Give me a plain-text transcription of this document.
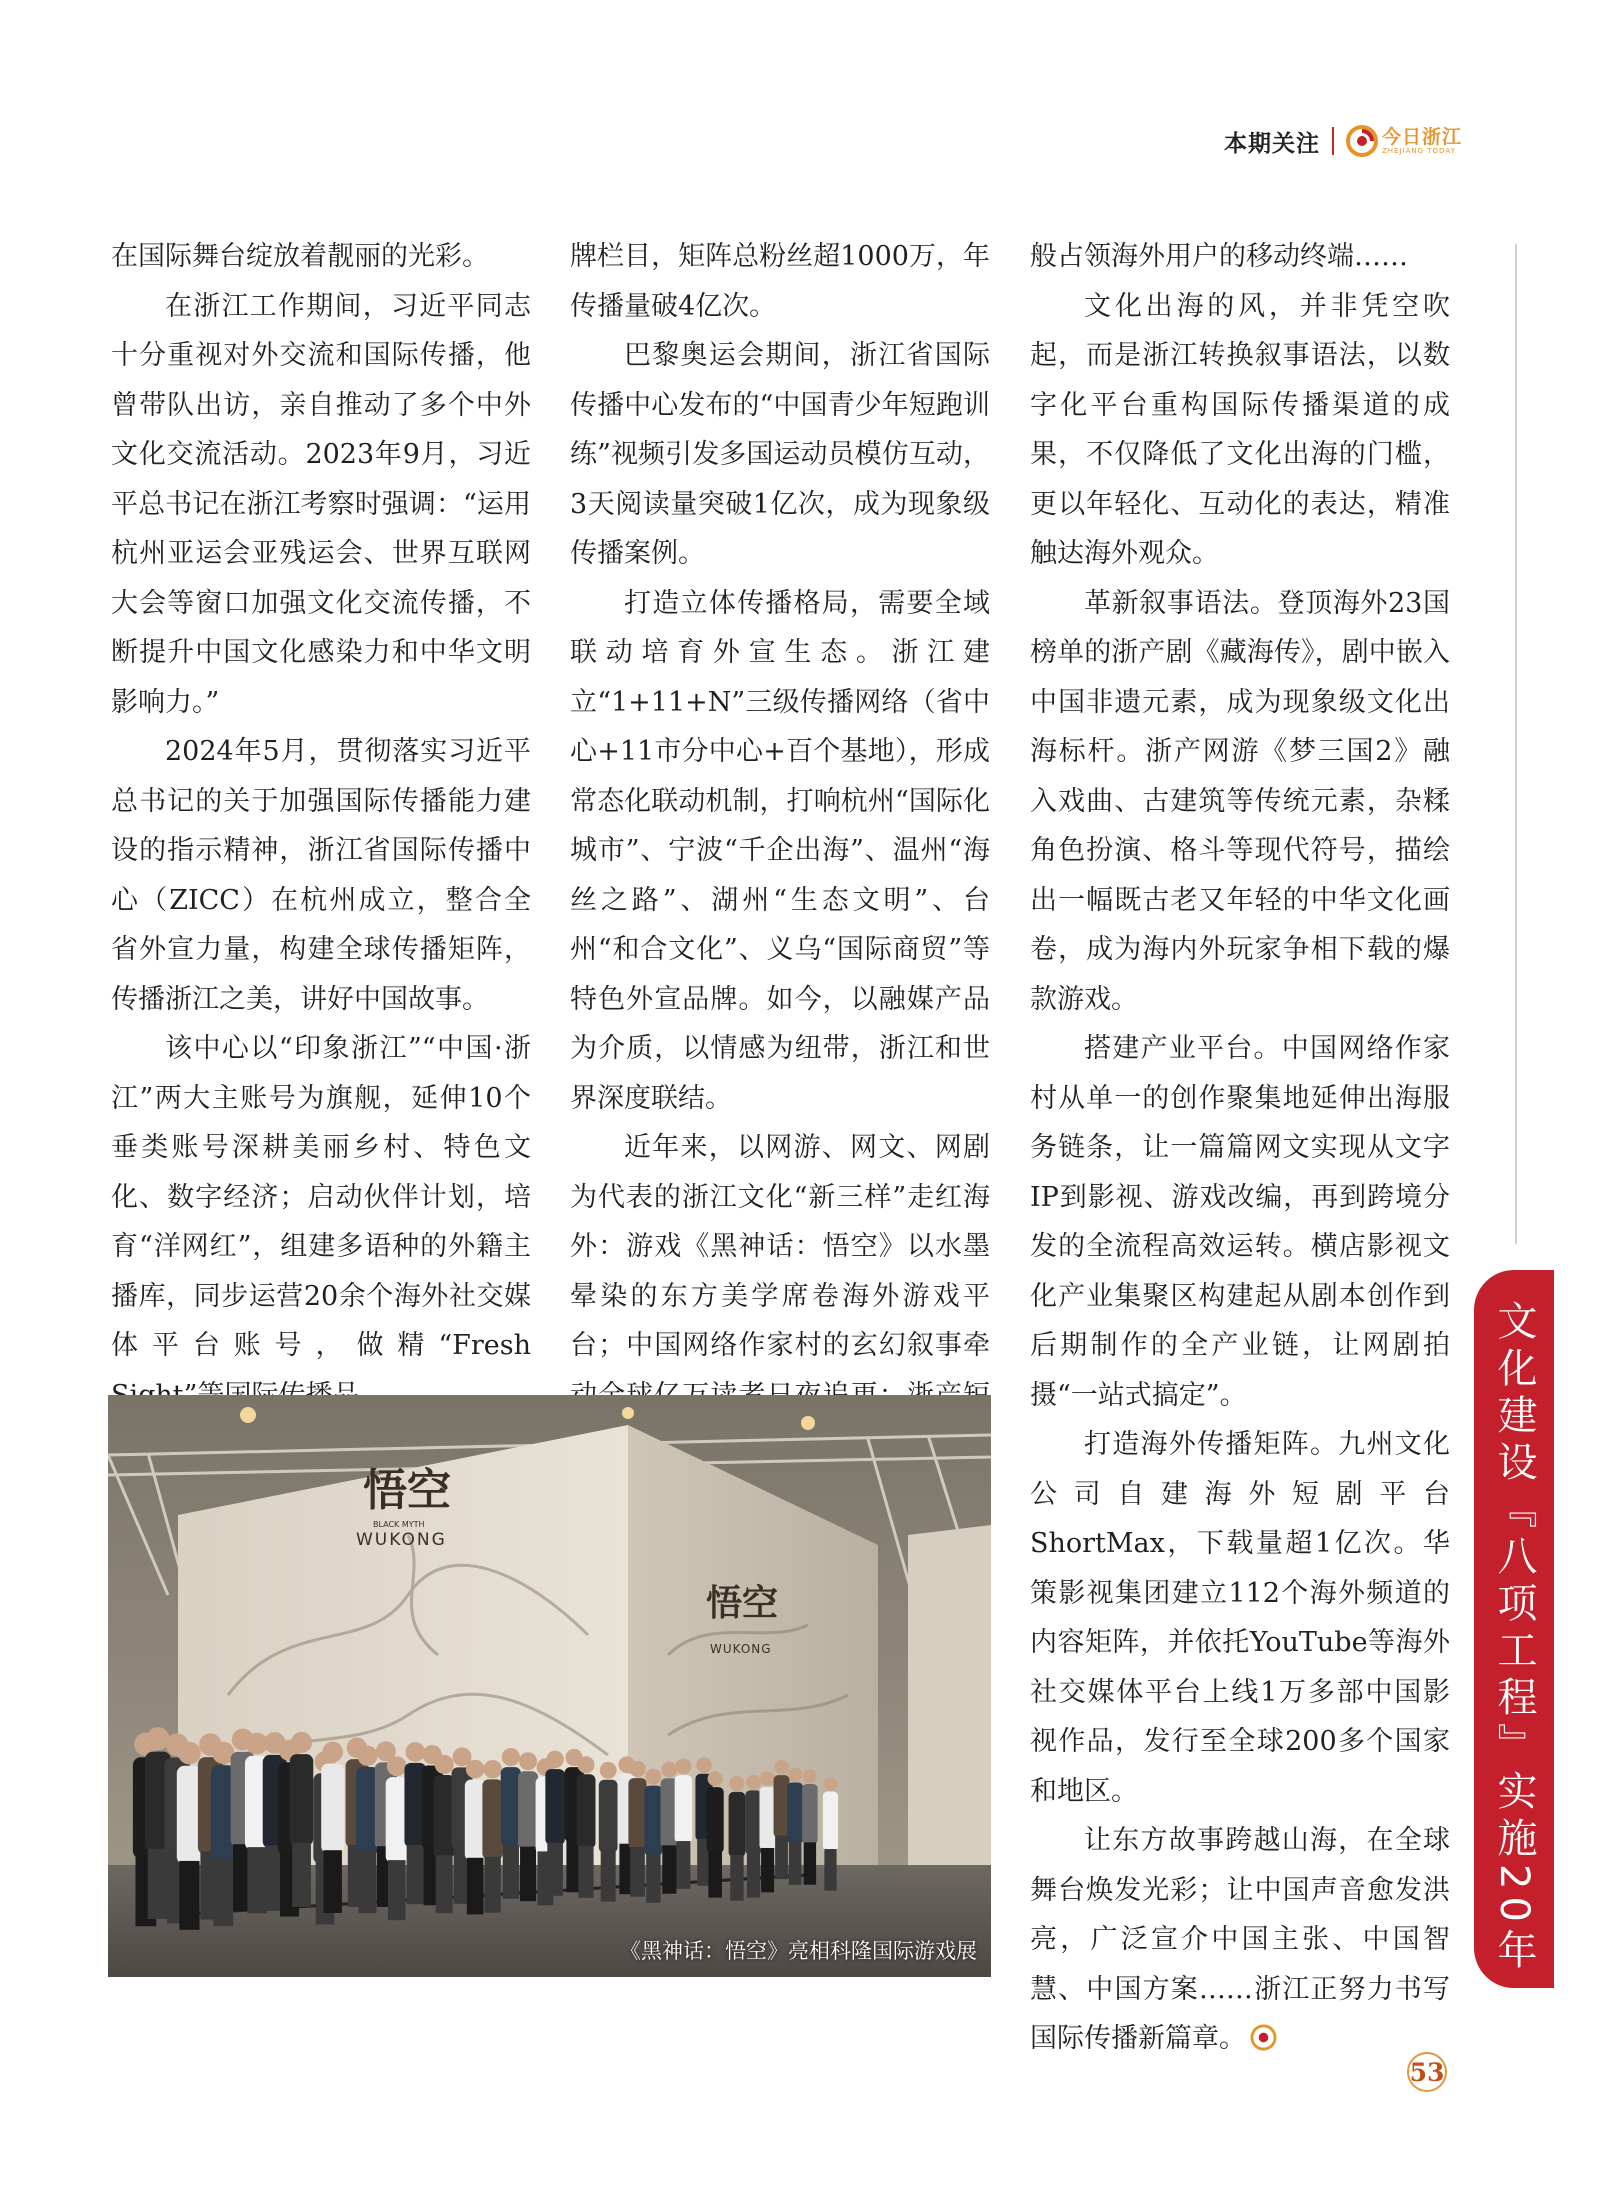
本期关注	今日浙江
ZHEJIANG TODAY

在国际舞台绽放着靓丽的光彩。

在浙江工作期间，习近平同志十分重视对外交流和国际传播，他曾带队出访，亲自推动了多个中外文化交流活动。2023年9月，习近平总书记在浙江考察时强调：“运用杭州亚运会亚残运会、世界互联网大会等窗口加强文化交流传播，不断提升中国文化感染力和中华文明影响力。”

2024年5月，贯彻落实习近平总书记的关于加强国际传播能力建设的指示精神，浙江省国际传播中心（ZICC）在杭州成立，整合全省外宣力量，构建全球传播矩阵，传播浙江之美，讲好中国故事。

该中心以“印象浙江”“中国·浙江”两大主账号为旗舰，延伸10个垂类账号深耕美丽乡村、特色文化、数字经济；启动伙伴计划，培育“洋网红”，组建多语种的外籍主播库，同步运营20余个海外社交媒体平台账号，做精“Fresh

牌栏目，矩阵总粉丝超1000万，年传播量破4亿次。

巴黎奥运会期间，浙江省国际传播中心发布的“中国青少年短跑训练”视频引发多国运动员模仿互动，3天阅读量突破1亿次，成为现象级传播案例。

打造立体传播格局，需要全域联动培育外宣生态。浙江建立“1+11+N”三级传播网络（省中心+11市分中心+百个基地），形成常态化联动机制，打响杭州“国际化城市”、宁波“千企出海”、温州“海丝之路”、湖州“生态文明”、台州“和合文化”、义乌“国际商贸”等特色外宣品牌。如今，以融媒产品为介质，以情感为纽带，浙江和世界深度联结。

近年来，以网游、网文、网剧为代表的浙江文化“新三样”走红海外：游戏《黑神话：悟空》以水墨晕染的东方美学席卷海外游戏平台；中国网络作家村的玄幻叙事牵

般占领海外用户的移动终端……

文化出海的风，并非凭空吹起，而是浙江转换叙事语法，以数字化平台重构国际传播渠道的成果，不仅降低了文化出海的门槛，更以年轻化、互动化的表达，精准触达海外观众。

革新叙事语法。登顶海外23国榜单的浙产剧《藏海传》，剧中嵌入中国非遗元素，成为现象级文化出海标杆。浙产网游《梦三国2》融入戏曲、古建筑等传统元素，杂糅角色扮演、格斗等现代符号，描绘出一幅既古老又年轻的中华文化画卷，成为海内外玩家争相下载的爆款游戏。

搭建产业平台。中国网络作家村从单一的创作聚集地延伸出海服务链条，让一篇篇网文实现从文字IP到影视、游戏改编，再到跨境分发的全流程高效运转。横店影视文化产业集聚区构建起从剧本创作到后期制作的全产业链，让网剧拍摄“一站式搞定”。

打造海外传播矩阵。九州文化公司自建海外短剧平台ShortMax，下载量超1亿次。华策影视集团建立112个海外频道的内容矩阵，并依托YouTube等海外社交媒体平台上线1万多部中国影视作品，发行至全球200多个国家和地区。

让东方故事跨越山海，在全球舞台焕发光彩；让中国声音愈发洪亮，广泛宣介中国主张、中国智慧、中国方案……浙江正努力书写国际传播新篇章。

悟空
BLACK MYTH
WUKONG
悟空
WUKONG
《黑神话：悟空》亮相科隆国际游戏展	文化建设『八项工程』实施20年
53
